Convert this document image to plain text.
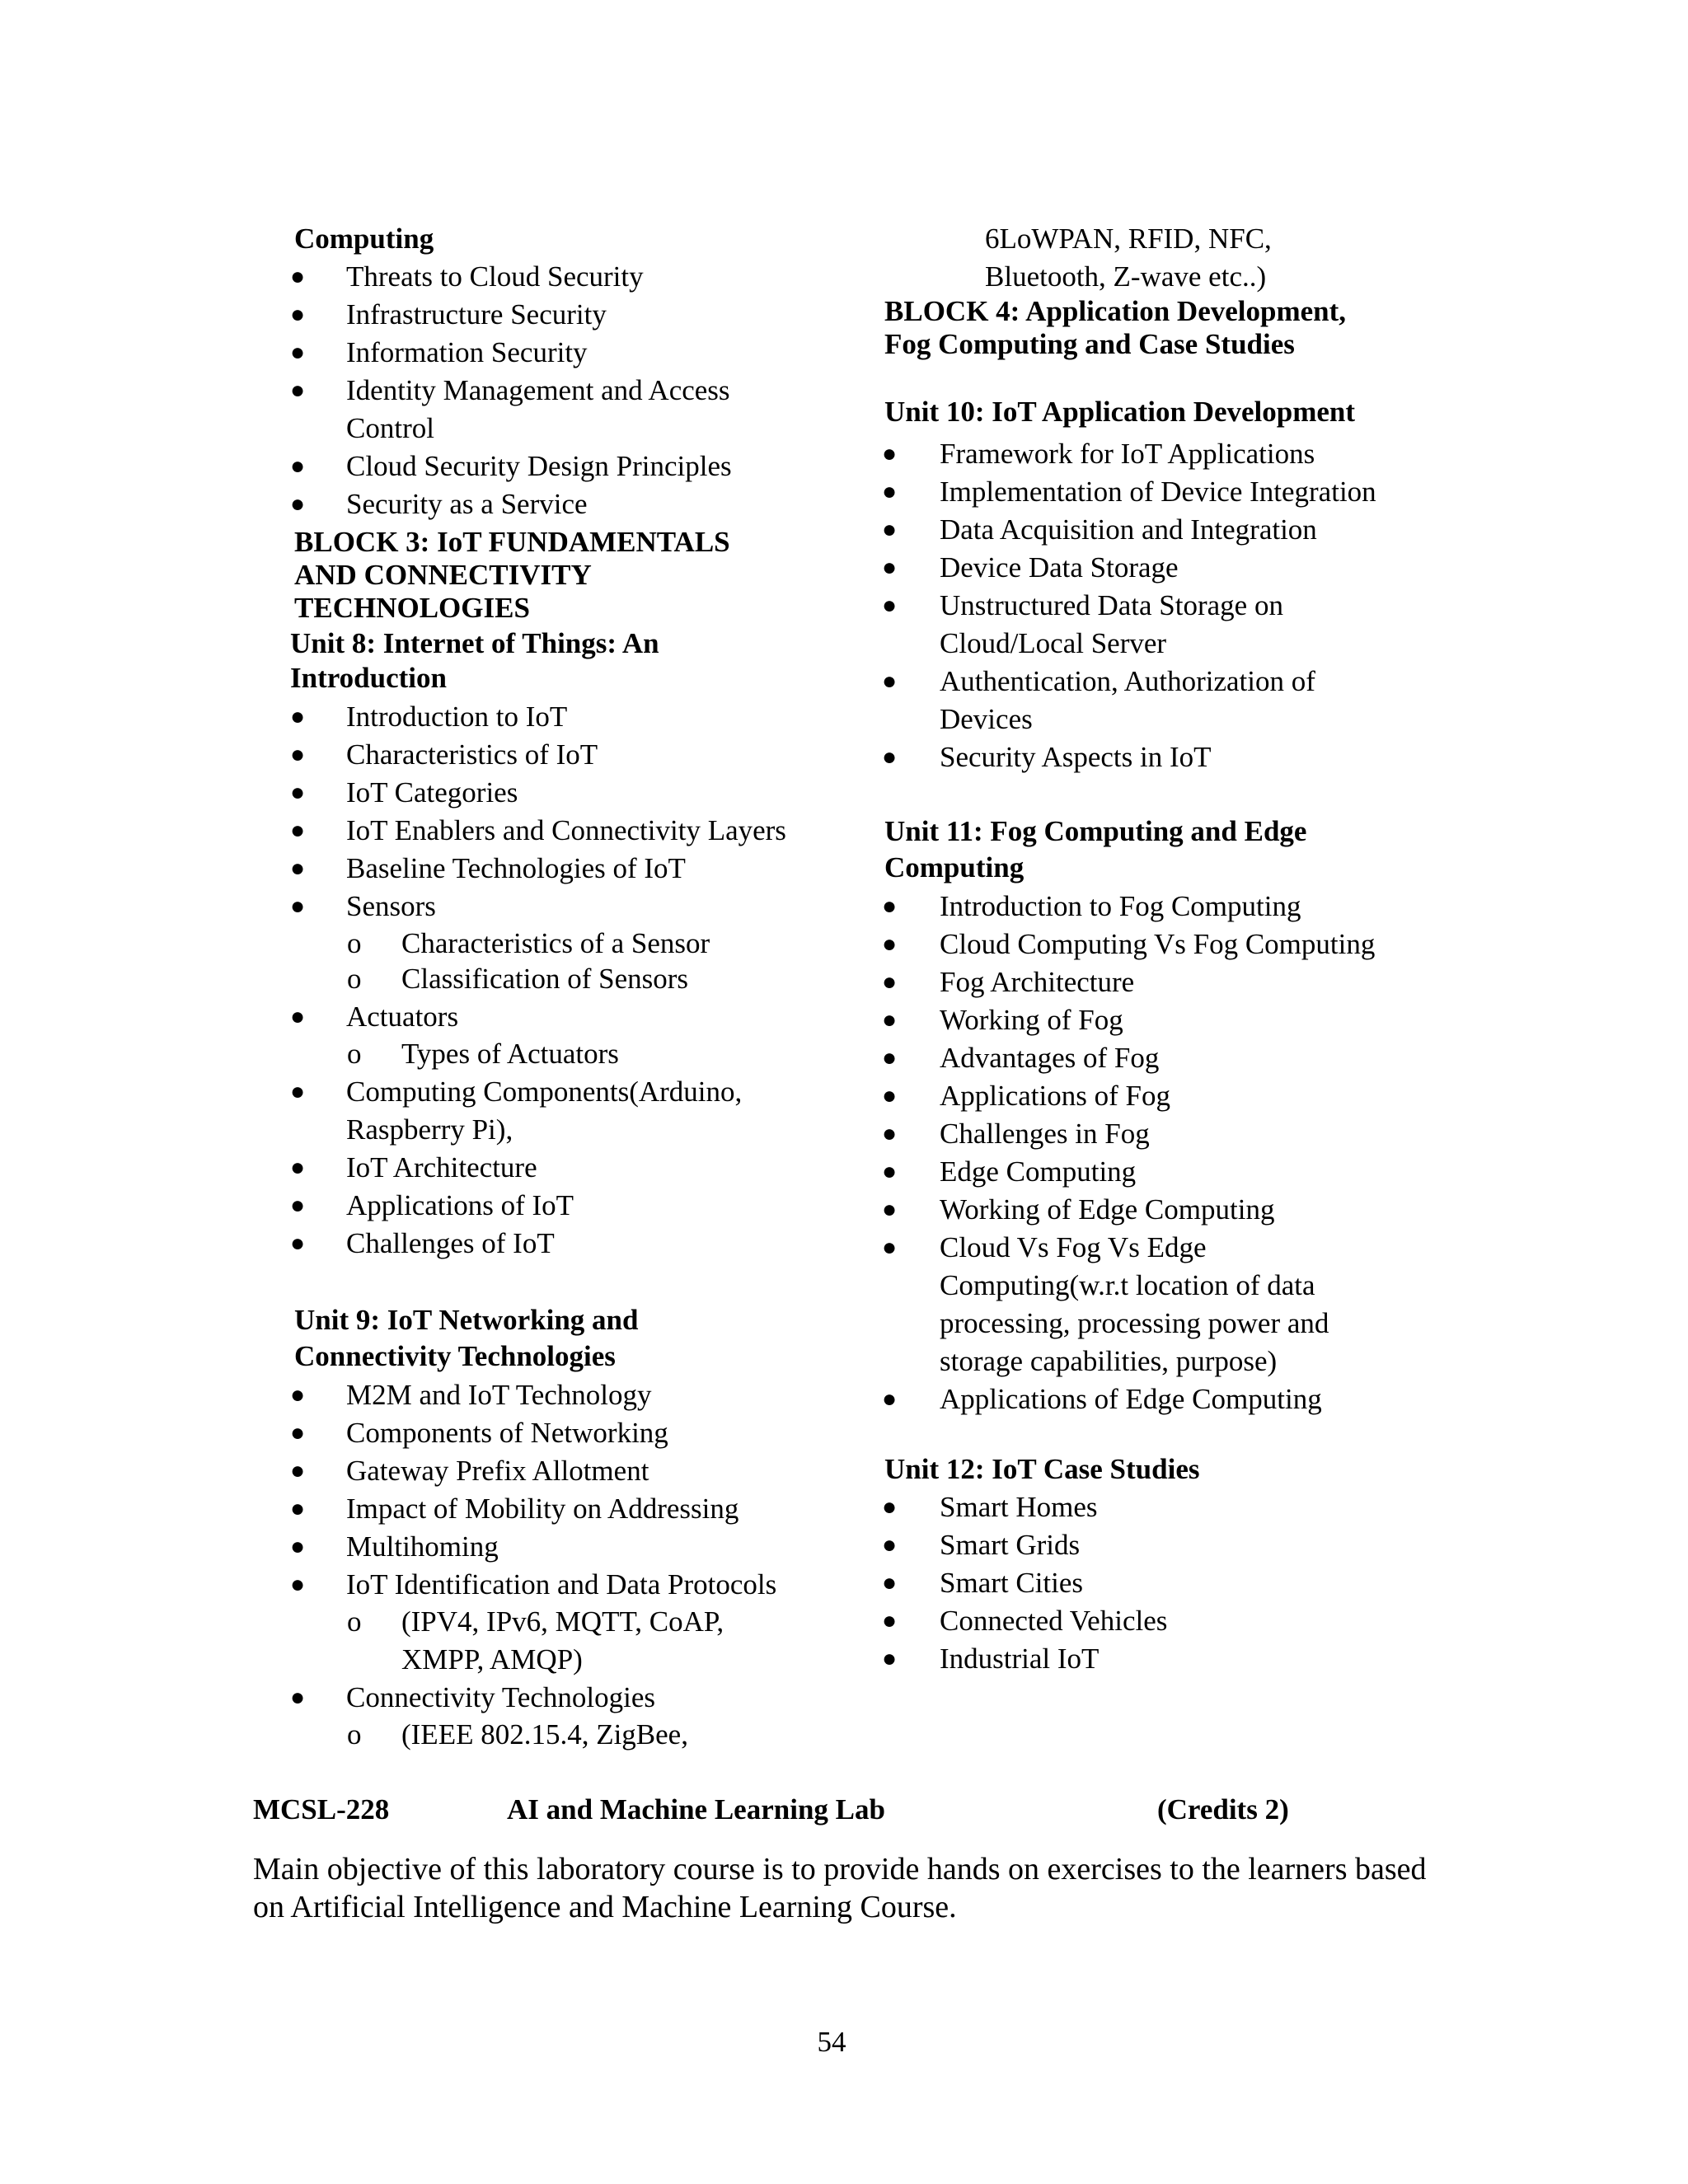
Computing
● Threats to Cloud Security
● Infrastructure Security
● Information Security
● Identity Management and Access
Control
● Cloud Security Design Principles
● Security as a Service
BLOCK 3: IoT FUNDAMENTALS
AND CONNECTIVITY
TECHNOLOGIES
Unit 8: Internet of Things: An
Introduction
● Introduction to IoT
● Characteristics of IoT
● IoT Categories
● IoT Enablers and Connectivity Layers
● Baseline Technologies of IoT
● Sensors
o Characteristics of a Sensor
o Classification of Sensors
● Actuators
o Types of Actuators
● Computing Components(Arduino,
Raspberry Pi),
● IoT Architecture
● Applications of IoT
● Challenges of IoT
Unit 9: IoT Networking and
Connectivity Technologies
● M2M and IoT Technology
● Components of Networking
● Gateway Prefix Allotment
● Impact of Mobility on Addressing
● Multihoming
● IoT Identification and Data Protocols
o (IPV4, IPv6, MQTT, CoAP,
XMPP, AMQP)
● Connectivity Technologies
o (IEEE 802.15.4, ZigBee,
6LoWPAN, RFID, NFC,
Bluetooth, Z-wave etc..)
BLOCK 4: Application Development,
Fog Computing and Case Studies
Unit 10: IoT Application Development
● Framework for IoT Applications
● Implementation of Device Integration
● Data Acquisition and Integration
● Device Data Storage
● Unstructured Data Storage on
Cloud/Local Server
● Authentication, Authorization of
Devices
● Security Aspects in IoT
Unit 11: Fog Computing and Edge
Computing
● Introduction to Fog Computing
● Cloud Computing Vs Fog Computing
● Fog Architecture
● Working of Fog
● Advantages of Fog
● Applications of Fog
● Challenges in Fog
● Edge Computing
● Working of Edge Computing
● Cloud Vs Fog Vs Edge
Computing(w.r.t location of data
processing, processing power and
storage capabilities, purpose)
● Applications of Edge Computing
Unit 12: IoT Case Studies
● Smart Homes
● Smart Grids
● Smart Cities
● Connected Vehicles
● Industrial IoT
MCSL-228	AI and Machine Learning Lab	(Credits 2)
Main objective of this laboratory course is to provide hands on exercises to the learners based
on Artificial Intelligence and Machine Learning Course.
54
